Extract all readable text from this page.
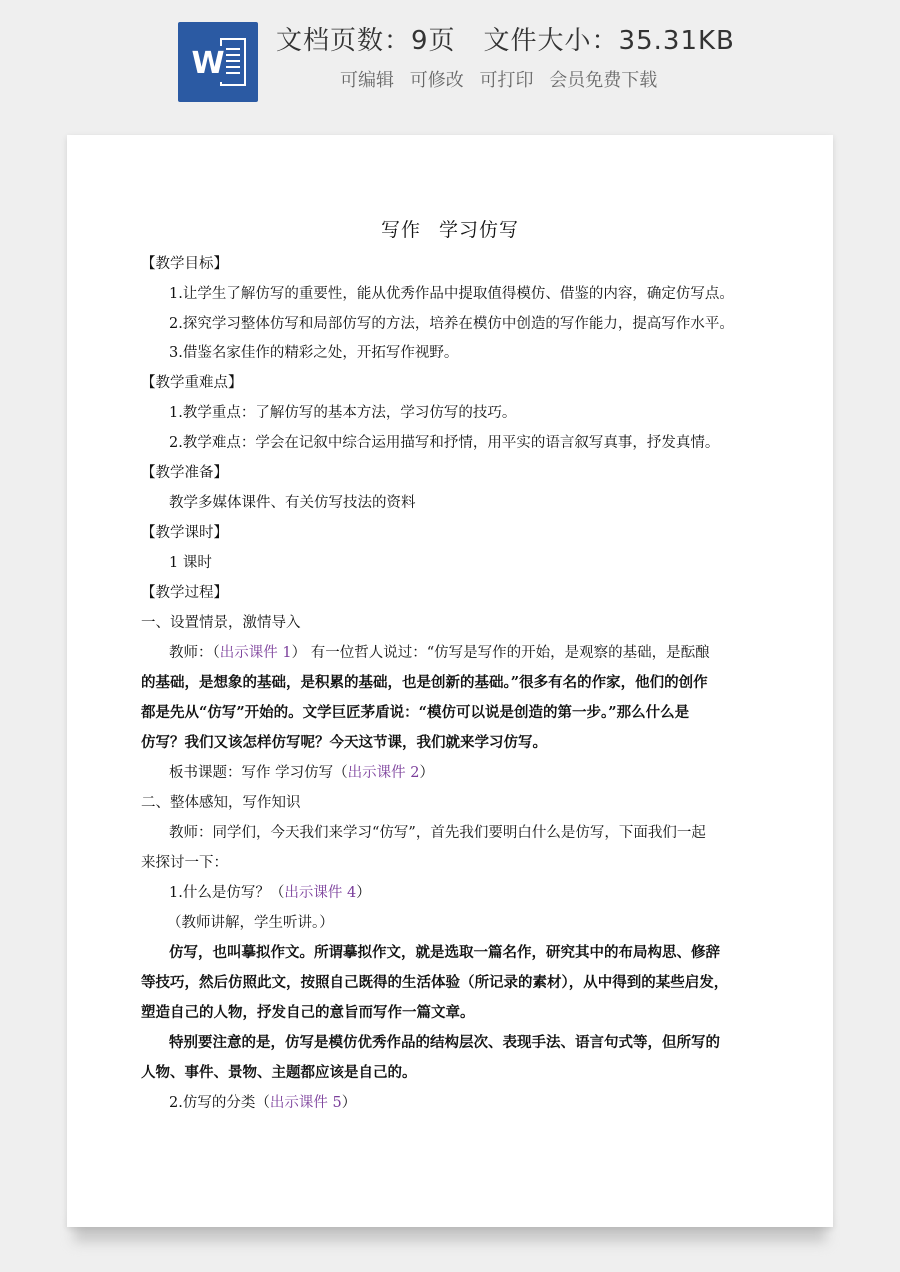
W
文档页数：9页 文件大小：35.31KB
可编辑 可修改 可打印 会员免费下载
写作 学习仿写
【教学目标】
1.让学生了解仿写的重要性，能从优秀作品中提取值得模仿、借鉴的内容，确定仿写点。
2.探究学习整体仿写和局部仿写的方法，培养在模仿中创造的写作能力，提高写作水平。
3.借鉴名家佳作的精彩之处，开拓写作视野。
【教学重难点】
1.教学重点：了解仿写的基本方法，学习仿写的技巧。
2.教学难点：学会在记叙中综合运用描写和抒情，用平实的语言叙写真事，抒发真情。
【教学准备】
教学多媒体课件、有关仿写技法的资料
【教学课时】
1 课时
【教学过程】
一、设置情景，激情导入
教师：（出示课件 1） 有一位哲人说过：“仿写是写作的开始，是观察的基础，是酝酿
的基础，是想象的基础，是积累的基础，也是创新的基础。”很多有名的作家，他们的创作
都是先从“仿写”开始的。文学巨匠茅盾说：“模仿可以说是创造的第一步。”那么什么是
仿写？我们又该怎样仿写呢？今天这节课，我们就来学习仿写。
板书课题：写作 学习仿写（出示课件 2）
二、整体感知，写作知识
教师：同学们，今天我们来学习“仿写”，首先我们要明白什么是仿写，下面我们一起
来探讨一下：
1.什么是仿写？（出示课件 4）
（教师讲解，学生听讲。）
仿写，也叫摹拟作文。所谓摹拟作文，就是选取一篇名作，研究其中的布局构思、修辞
等技巧，然后仿照此文，按照自己既得的生活体验（所记录的素材），从中得到的某些启发，
塑造自己的人物，抒发自己的意旨而写作一篇文章。
特别要注意的是，仿写是模仿优秀作品的结构层次、表现手法、语言句式等，但所写的
人物、事件、景物、主题都应该是自己的。
2.仿写的分类（出示课件 5）
